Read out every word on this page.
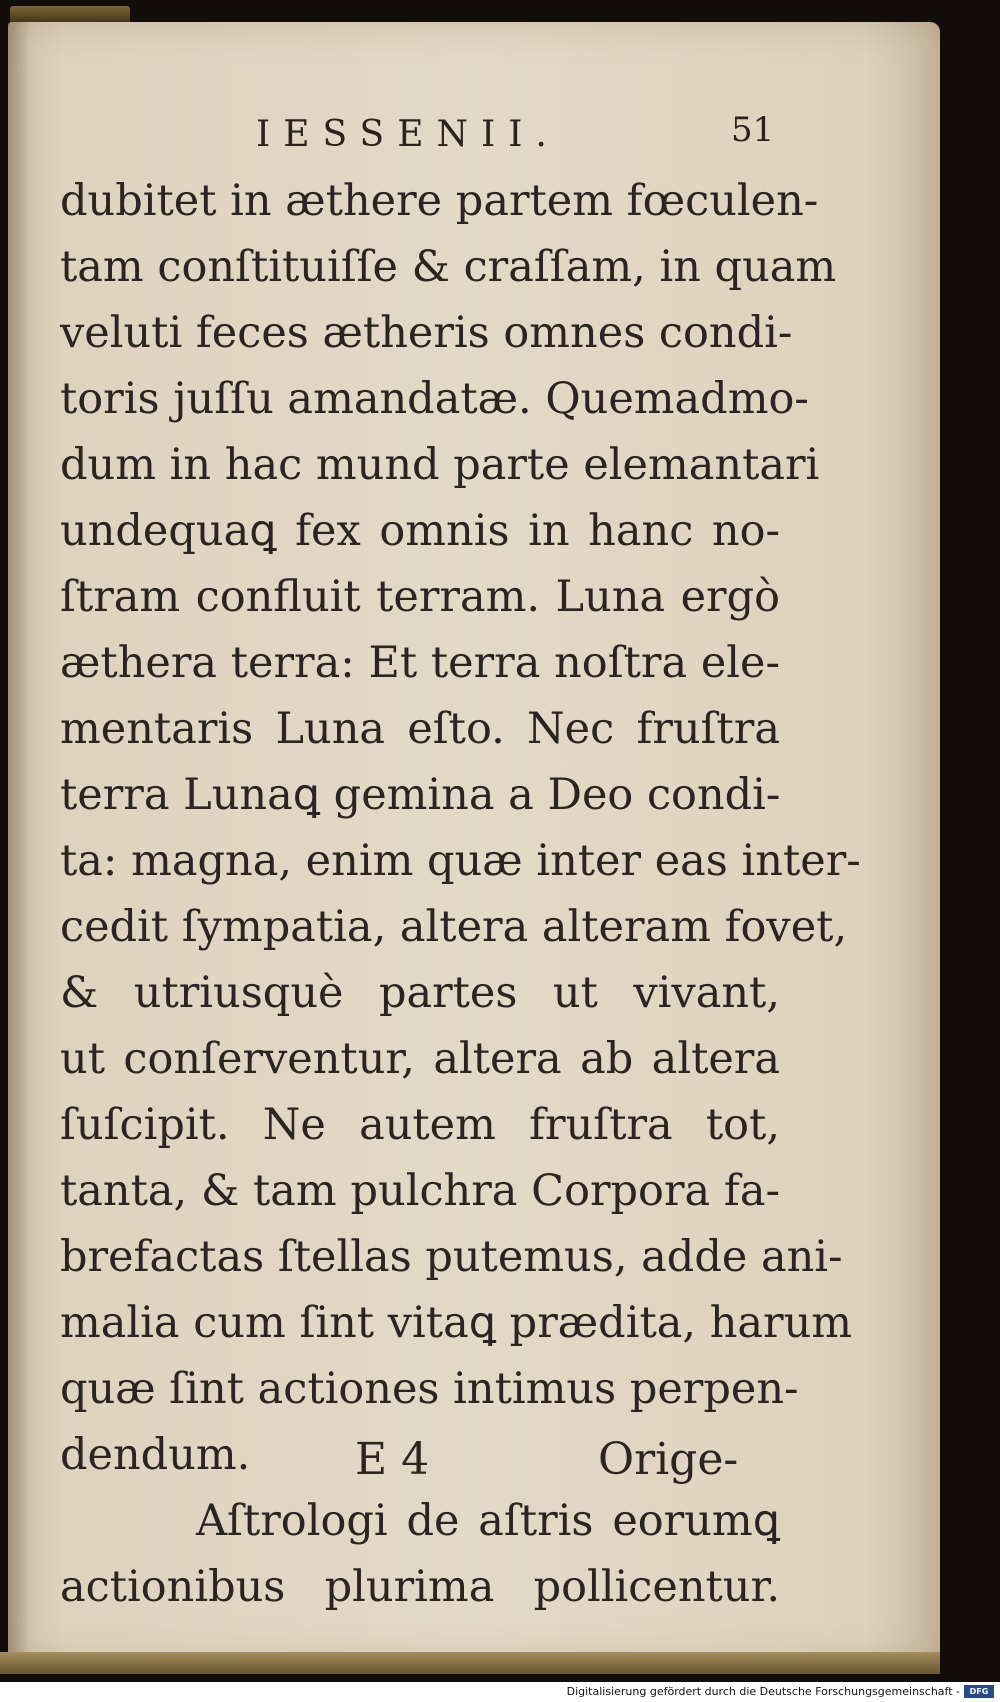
IESSENII.	51
dubitet in æthere partem fœculen-
tam conſtituiſſe & craſſam, in quam
veluti feces ætheris omnes condi-
toris juſſu amandatæ. Quemadmo-
dum in hac mund parte elemantari
undequaꝗ fex omnis in hanc no-
ſtram confluit terram. Luna ergò
æthera terra: Et terra noſtra ele-
mentaris Luna eſto. Nec fruſtra
terra Lunaꝗ gemina a Deo condi-
ta: magna, enim quæ inter eas inter-
cedit ſympatia, altera alteram fovet,
& utriusquè partes ut vivant,
ut conſerventur, altera ab altera
ſuſcipit. Ne autem fruſtra tot,
tanta, & tam pulchra Corpora fa-
brefactas ſtellas putemus, adde ani-
malia cum ſint vitaꝗ prædita, harum
quæ ſint actiones intimus perpen-
dendum.
Aſtrologi de aſtris eorumꝗ
actionibus plurima pollicentur.
E 4	Orige-
Digitalisierung gefördert durch die Deutsche Forschungsgemeinschaft -	DFG
